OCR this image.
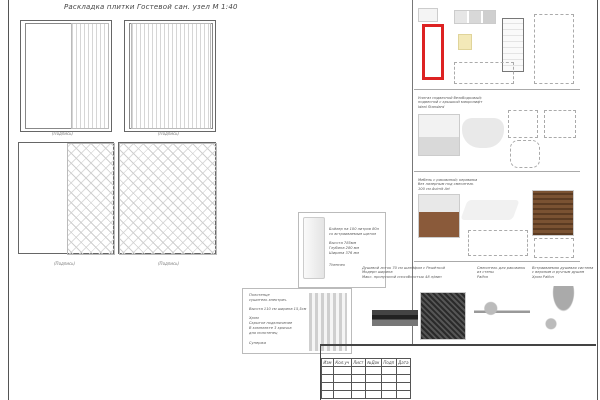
Раскладка плитки Гостевой сан. узел М 1:40
(Подпись)	(Подпись)
(Подпись)	(Подпись)
Унитаз подвесной безободковый;
подвесной с крышкой микролифт
Ideal Standard
Мебель с раковиной; керамика
без лазерным под смеситель
100 см Avimit Art
Бойлер на 100 литров 80л
со встраиваемым щитом
Высота 785мм
Глубина 280 мм
Ширина 376 мм
Thermex
Полотенце
сушитель электрич.
Высота 110 см ширина 15,5см
Хром
Скрытое подключение
В комплекте 3 крючка
для полотенец
Сунержа
Душевой лоток 70 см шлейфом с Решёткой
Модерн ширина
Макс. пропускной способностью 48 л/мин
Смеситель для раковины
из стены
Palfon
Встраиваемая душевая система
с верхним и ручным душем
Хром Palfon
Изм	Кол.уч	Лист	№Док	Подп	Дата
